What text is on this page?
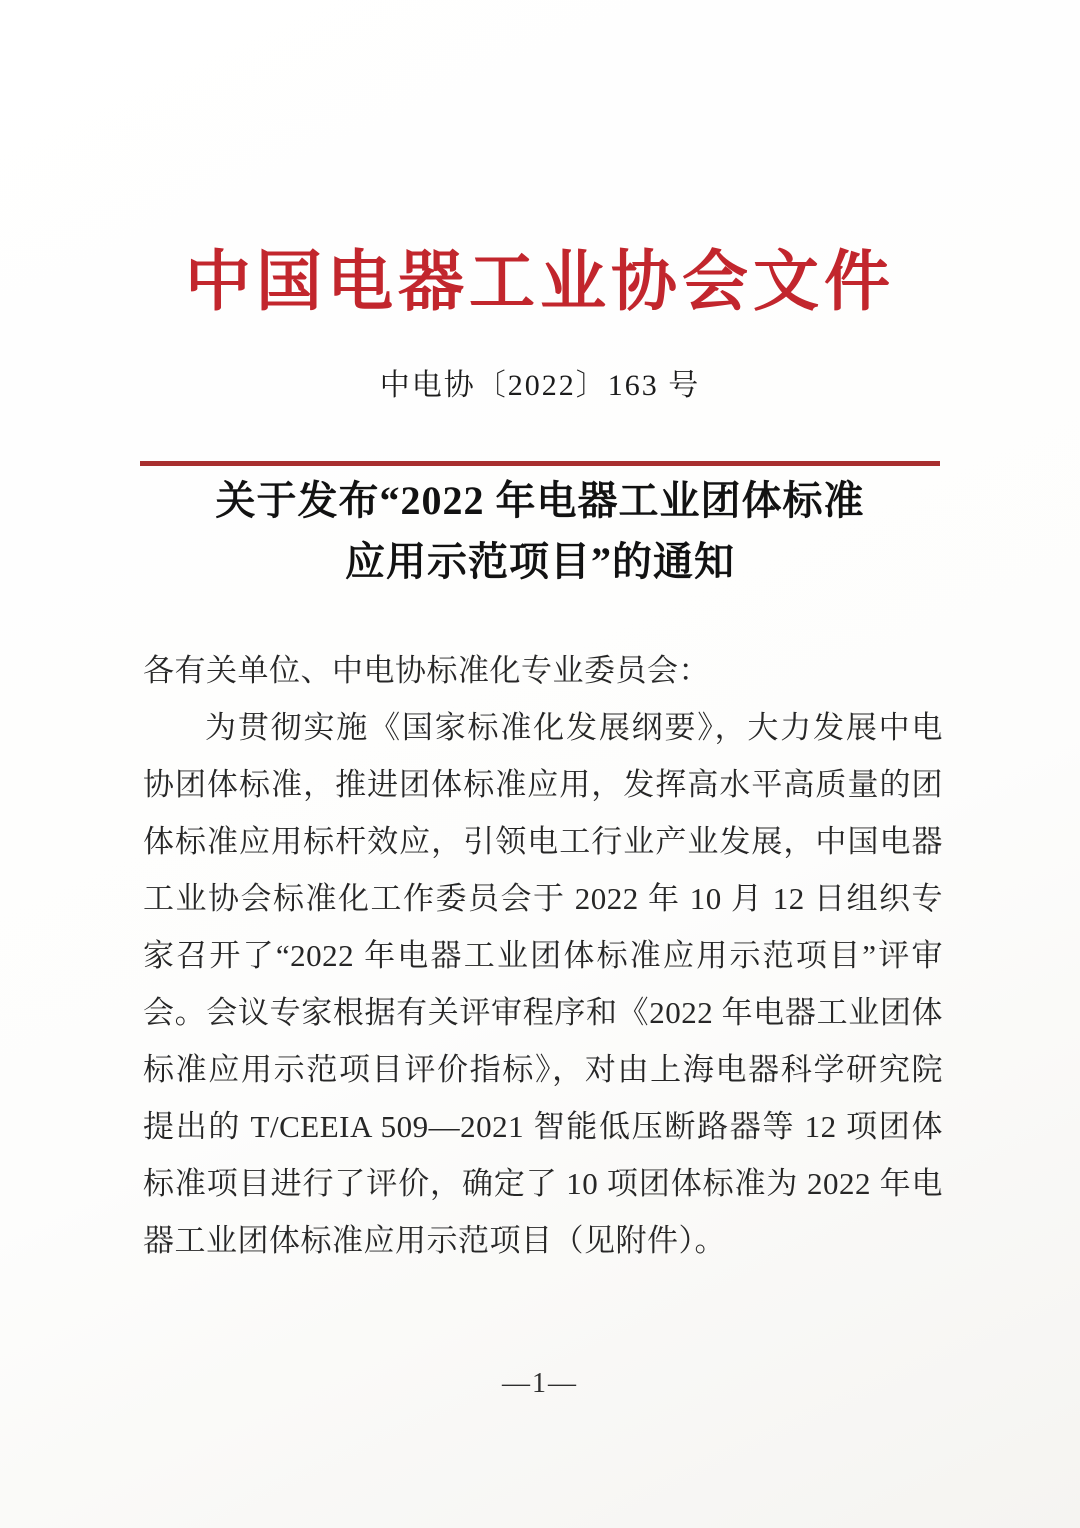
中国电器工业协会文件
中电协〔2022〕163 号
关于发布“2022 年电器工业团体标准
应用示范项目”的通知

各有关单位、中电协标准化专业委员会：

为贯彻实施《国家标准化发展纲要》，大力发展中电协团体标准，推进团体标准应用，发挥高水平高质量的团体标准应用标杆效应，引领电工行业产业发展，中国电器工业协会标准化工作委员会于 2022 年 10 月 12 日组织专家召开了“2022 年电器工业团体标准应用示范项目”评审会。会议专家根据有关评审程序和《2022 年电器工业团体标准应用示范项目评价指标》，对由上海电器科学研究院提出的 T/CEEIA 509—2021 智能低压断路器等 12 项团体标准项目进行了评价，确定了 10 项团体标准为 2022 年电器工业团体标准应用示范项目（见附件）。

—1—
